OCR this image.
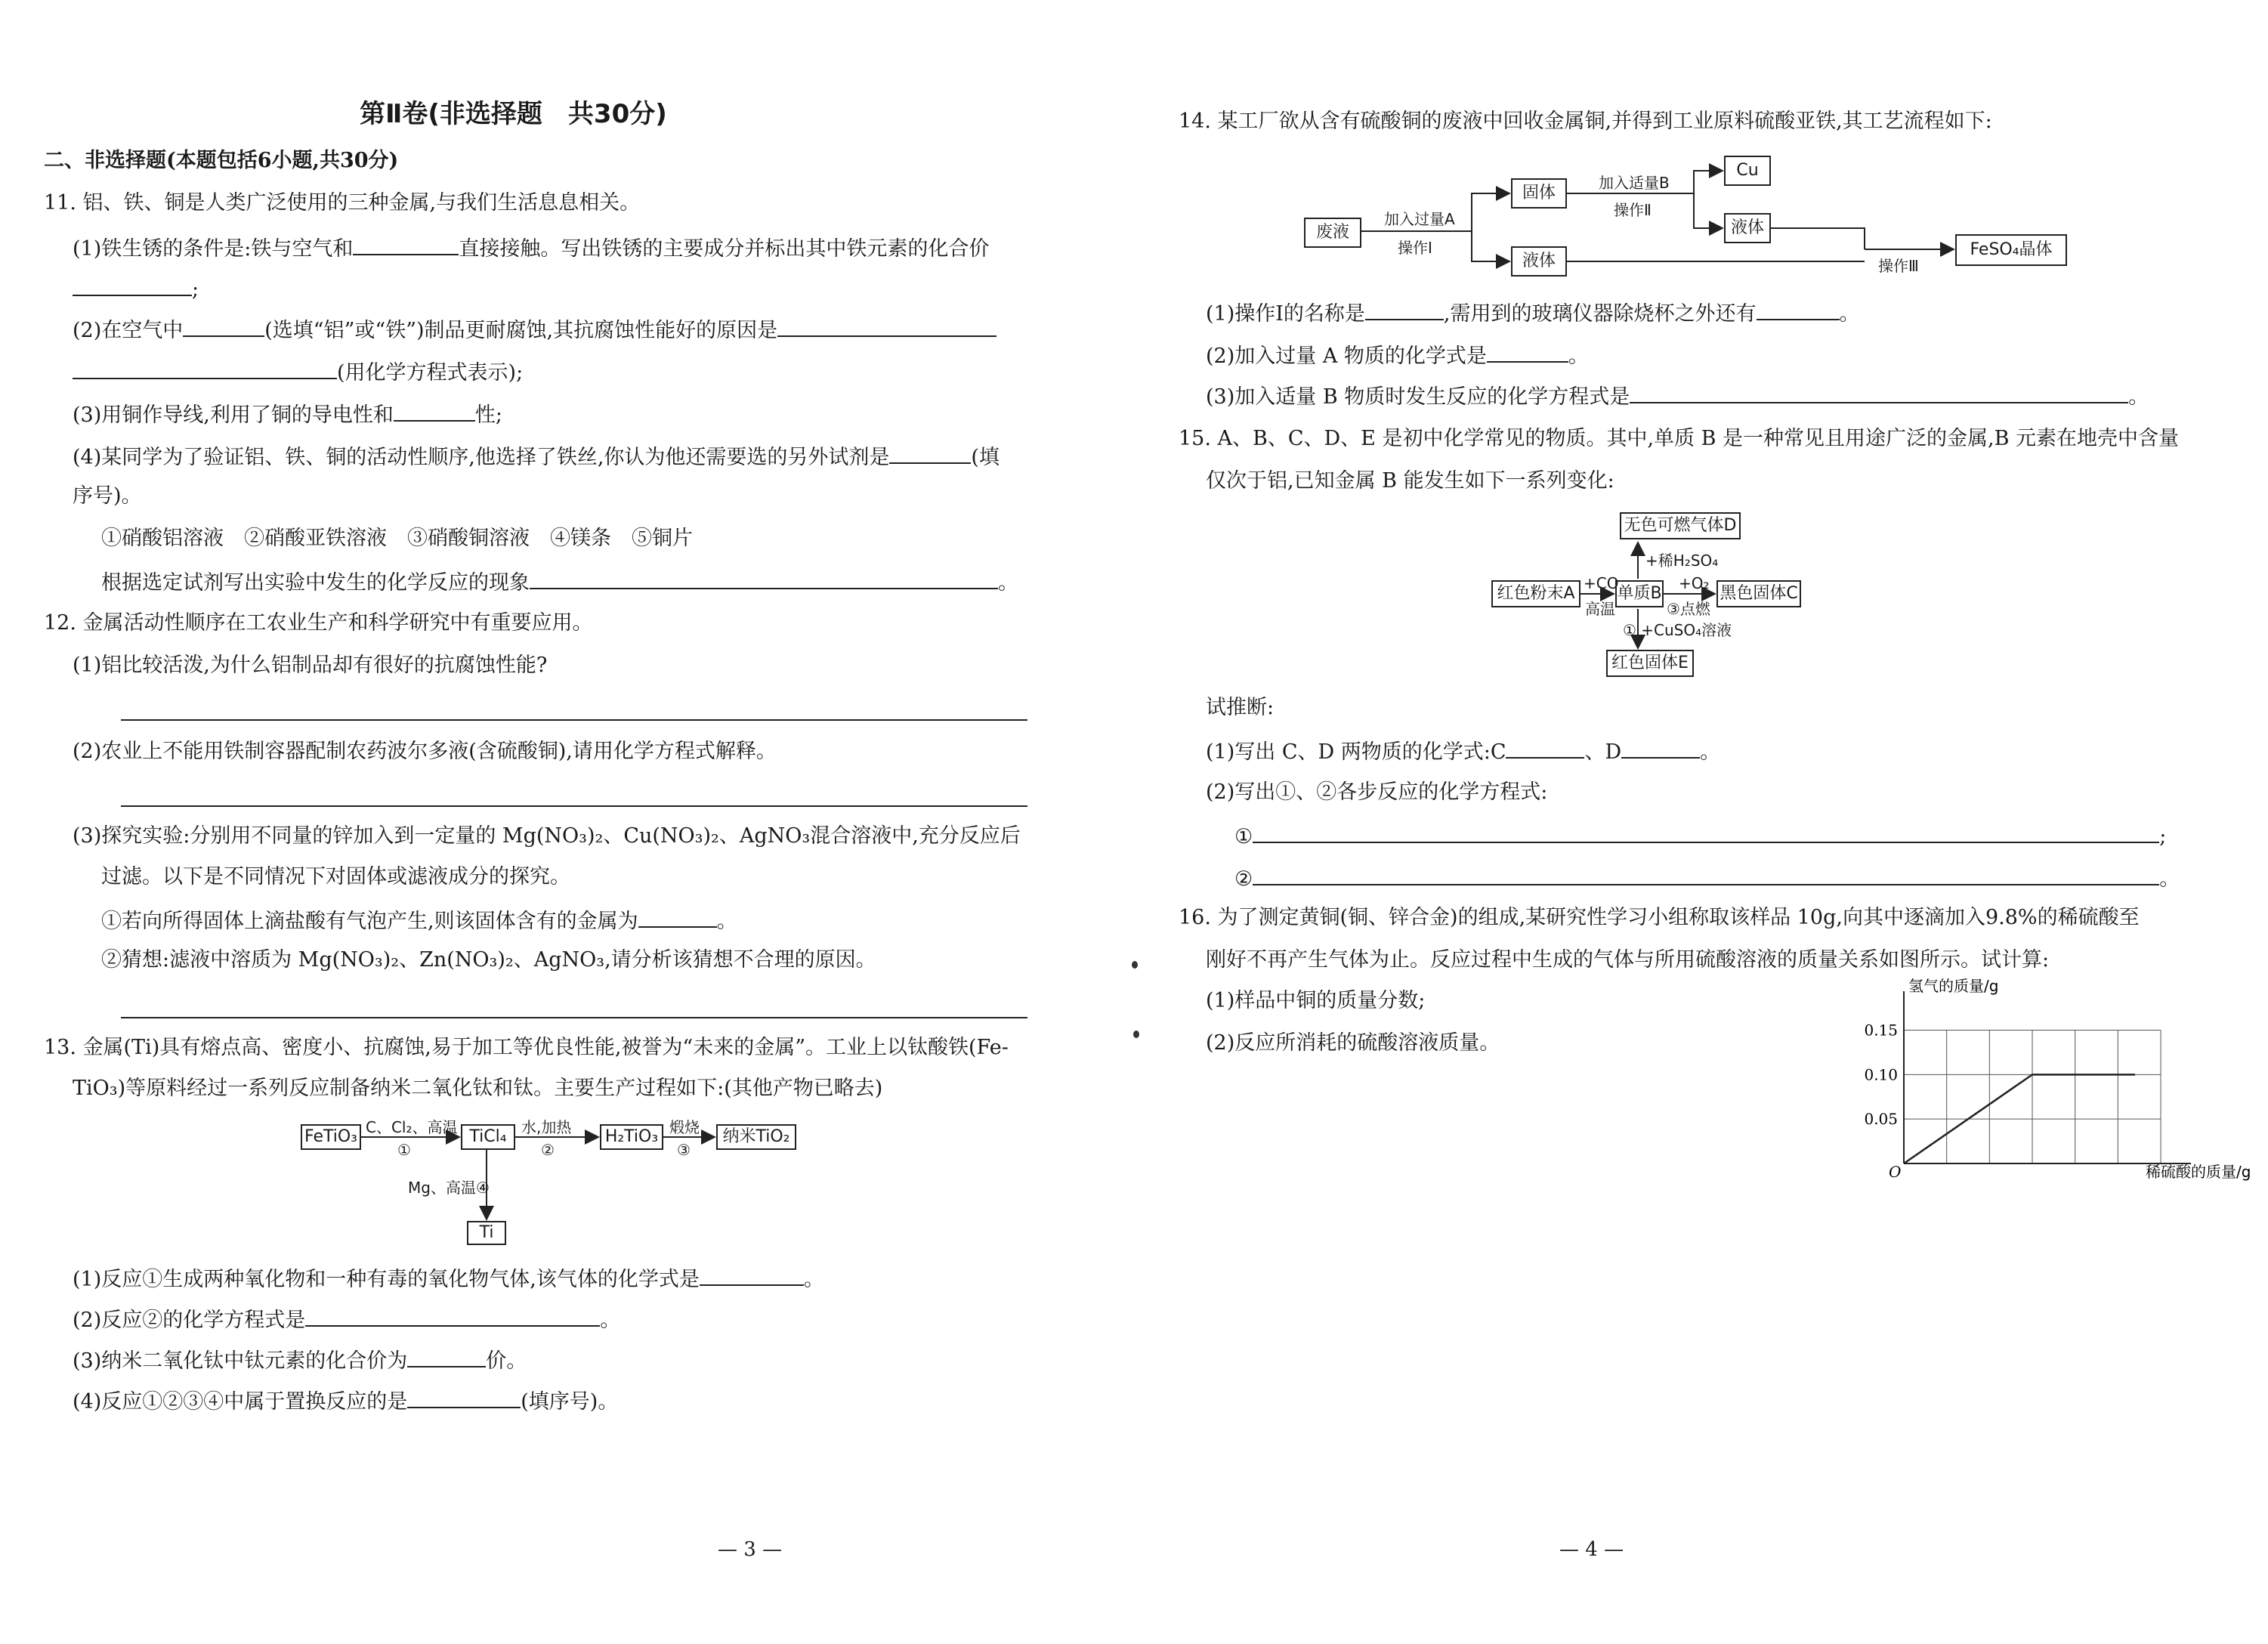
第Ⅱ卷(非选择题　共30分)
二、非选择题(本题包括6小题,共30分)
11. 铝、铁、铜是人类广泛使用的三种金属,与我们生活息息相关。
(1)铁生锈的条件是:铁与空气和	直接接触。写出铁锈的主要成分并标出其中铁元素的化合价
;
(2)在空气中	(选填“铝”或“铁”)制品更耐腐蚀,其抗腐蚀性能好的原因是
(用化学方程式表示);
(3)用铜作导线,利用了铜的导电性和	性;
(4)某同学为了验证铝、铁、铜的活动性顺序,他选择了铁丝,你认为他还需要选的另外试剂是	(填
序号)。
①硝酸铝溶液　②硝酸亚铁溶液　③硝酸铜溶液　④镁条　⑤铜片
根据选定试剂写出实验中发生的化学反应的现象	。
12. 金属活动性顺序在工农业生产和科学研究中有重要应用。
(1)铝比较活泼,为什么铝制品却有很好的抗腐蚀性能?
(2)农业上不能用铁制容器配制农药波尔多液(含硫酸铜),请用化学方程式解释。
(3)探究实验:分别用不同量的锌加入到一定量的 Mg(NO₃)₂、Cu(NO₃)₂、AgNO₃混合溶液中,充分反应后
过滤。以下是不同情况下对固体或滤液成分的探究。
①若向所得固体上滴盐酸有气泡产生,则该固体含有的金属为	。
②猜想:滤液中溶质为 Mg(NO₃)₂、Zn(NO₃)₂、AgNO₃,请分析该猜想不合理的原因。
13. 金属(Ti)具有熔点高、密度小、抗腐蚀,易于加工等优良性能,被誉为“未来的金属”。工业上以钛酸铁(Fe-
TiO₃)等原料经过一系列反应制备纳米二氧化钛和钛。主要生产过程如下:(其他产物已略去)
FeTiO₃	TiCl₄	H₂TiO₃	纳米TiO₂
Ti
C、Cl₂、高温
①
水,加热
②
煅烧
③
Mg、高温④
(1)反应①生成两种氧化物和一种有毒的氧化物气体,该气体的化学式是	。
(2)反应②的化学方程式是	。
(3)纳米二氧化钛中钛元素的化合价为	价。
(4)反应①②③④中属于置换反应的是	(填序号)。
— 3 —
14. 某工厂欲从含有硫酸铜的废液中回收金属铜,并得到工业原料硫酸亚铁,其工艺流程如下:
废液
固体
液体
Cu
液体
FeSO₄晶体
加入过量A
操作Ⅰ
加入适量B
操作Ⅱ
操作Ⅲ
(1)操作Ⅰ的名称是	,需用到的玻璃仪器除烧杯之外还有	。
(2)加入过量 A 物质的化学式是	。
(3)加入适量 B 物质时发生反应的化学方程式是	。
15. A、B、C、D、E 是初中化学常见的物质。其中,单质 B 是一种常见且用途广泛的金属,B 元素在地壳中含量
仅次于铝,已知金属 B 能发生如下一系列变化:
无色可燃气体D
红色粉末A	单质B	黑色固体C
红色固体E
+稀H₂SO₄
+CO
高温
+O₂
③点燃
① +CuSO₄溶液
试推断:
(1)写出 C、D 两物质的化学式:C	、D	。
(2)写出①、②各步反应的化学方程式:
①	;
②	。
16. 为了测定黄铜(铜、锌合金)的组成,某研究性学习小组称取该样品 10g,向其中逐滴加入9.8%的稀硫酸至
刚好不再产生气体为止。反应过程中生成的气体与所用硫酸溶液的质量关系如图所示。试计算:
(1)样品中铜的质量分数;
(2)反应所消耗的硫酸溶液质量。
0.05
0.10
0.15
O
氢气的质量/g
稀硫酸的质量/g
— 4 —
